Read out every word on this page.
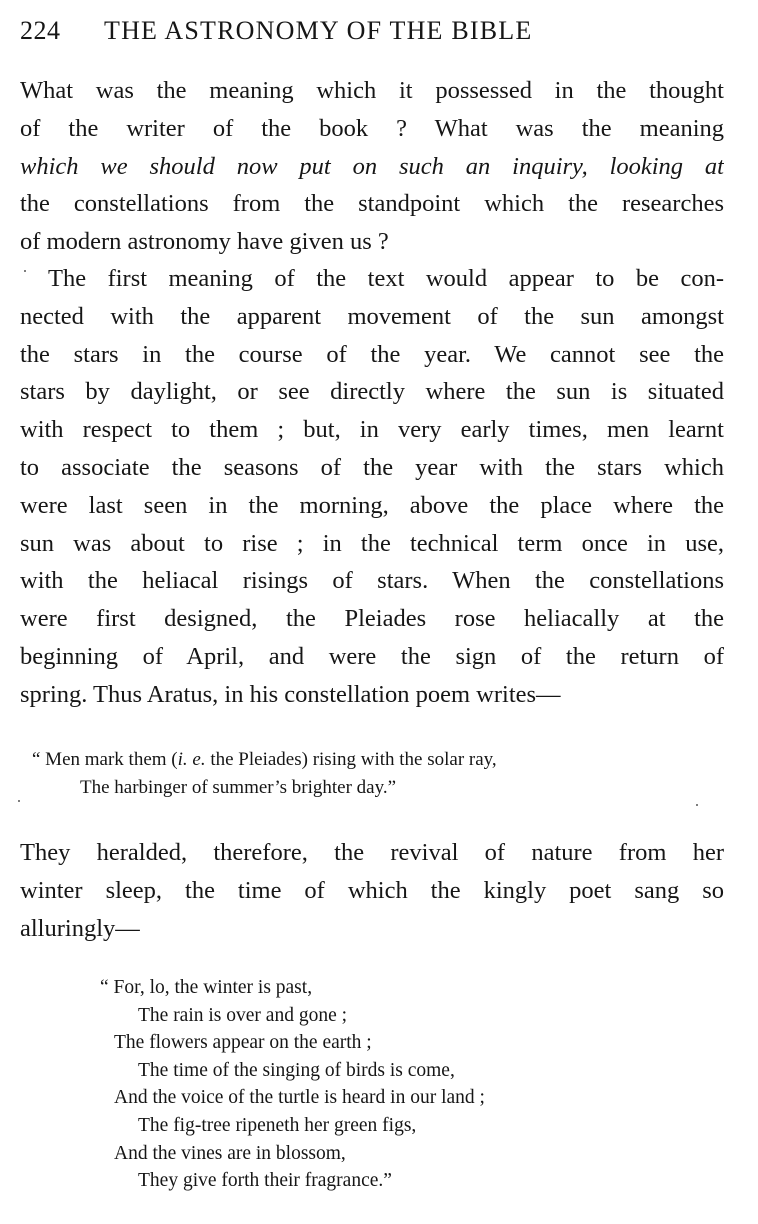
224 THE ASTRONOMY OF THE BIBLE
What was the meaning which it possessed in the thought
of the writer of the book ? What was the meaning
which we should now put on such an inquiry, looking at
the constellations from the standpoint which the researches
of modern astronomy have given us ?
The first meaning of the text would appear to be con-
nected with the apparent movement of the sun amongst
the stars in the course of the year. We cannot see the
stars by daylight, or see directly where the sun is situated
with respect to them ; but, in very early times, men learnt
to associate the seasons of the year with the stars which
were last seen in the morning, above the place where the
sun was about to rise ; in the technical term once in use,
with the heliacal risings of stars. When the constellations
were first designed, the Pleiades rose heliacally at the
beginning of April, and were the sign of the return of
spring. Thus Aratus, in his constellation poem writes—
“ Men mark them (i. e. the Pleiades) rising with the solar ray,
The harbinger of summer’s brighter day.”
They heralded, therefore, the revival of nature from her
winter sleep, the time of which the kingly poet sang so
alluringly—
“ For, lo, the winter is past,
The rain is over and gone ;
The flowers appear on the earth ;
The time of the singing of birds is come,
And the voice of the turtle is heard in our land ;
The fig-tree ripeneth her green figs,
And the vines are in blossom,
They give forth their fragrance.”
